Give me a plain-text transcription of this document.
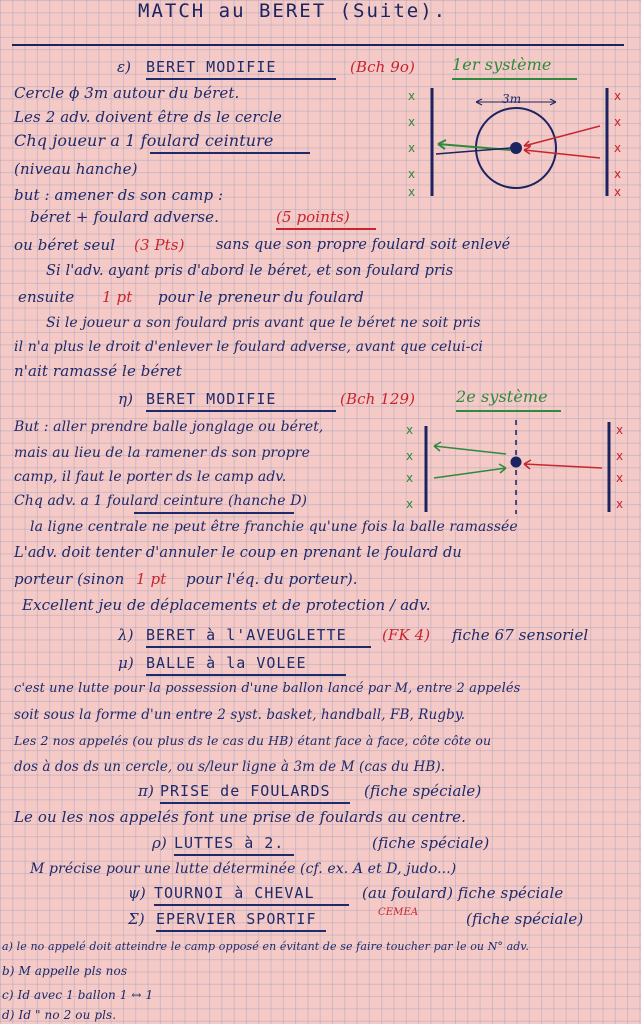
MATCH au BERET (Suite).
ε) BERET MODIFIE	(Bch 9o) 1er système
Cercle ϕ 3m autour du béret.
Les 2 adv. doivent être ds le cercle
Chq joueur a 1 foulard ceinture
(niveau hanche)
but : amener ds son camp :
béret + foulard adverse.	(5 points)
ou béret seul (3 Pts) sans que son propre foulard soit enlevé
Si l'adv. ayant pris d'abord le béret, et son foulard pris
ensuite 1 pt pour le preneur du foulard
Si le joueur a son foulard pris avant que le béret ne soit pris
il n'a plus le droit d'enlever le foulard adverse, avant que celui-ci
n'ait ramassé le béret
x
x
x
x
x
x
x
x
x
x
3m
η) BERET MODIFIE	(Bch 129)	2e système
But : aller prendre balle jonglage ou béret,
mais au lieu de la ramener ds son propre
camp, il faut le porter ds le camp adv.
Chq adv. a 1 foulard ceinture (hanche D)
la ligne centrale ne peut être franchie qu'une fois la balle ramassée
L'adv. doit tenter d'annuler le coup en prenant le foulard du
porteur (sinon 1 pt pour l'éq. du porteur).
Excellent jeu de déplacements et de protection / adv.
x
x
x
x
x
x
x
x
λ) BERET à l'AVEUGLETTE (FK 4) fiche 67 sensoriel
μ) BALLE à la VOLEE
c'est une lutte pour la possession d'une ballon lancé par M, entre 2 appelés
soit sous la forme d'un entre 2 syst. basket, handball, FB, Rugby.
Les 2 nos appelés (ou plus ds le cas du HB) étant face à face, côte côte ou
dos à dos ds un cercle, ou s/leur ligne à 3m de M (cas du HB).
π) PRISE de FOULARDS (fiche spéciale)
Le ou les nos appelés font une prise de foulards au centre.
ρ) LUTTES à 2.	(fiche spéciale)
M précise pour une lutte déterminée (cf. ex. A et D, judo...)
ψ) TOURNOI à CHEVAL	(au foulard) fiche spéciale
Σ) EPERVIER SPORTIF	CEMEA	(fiche spéciale)
a) le no appelé doit atteindre le camp opposé en évitant de se faire toucher par le ou N° adv.
b) M appelle pls nos
c) Id avec 1 ballon 1 ↔ 1
d) Id " no 2 ou pls.
